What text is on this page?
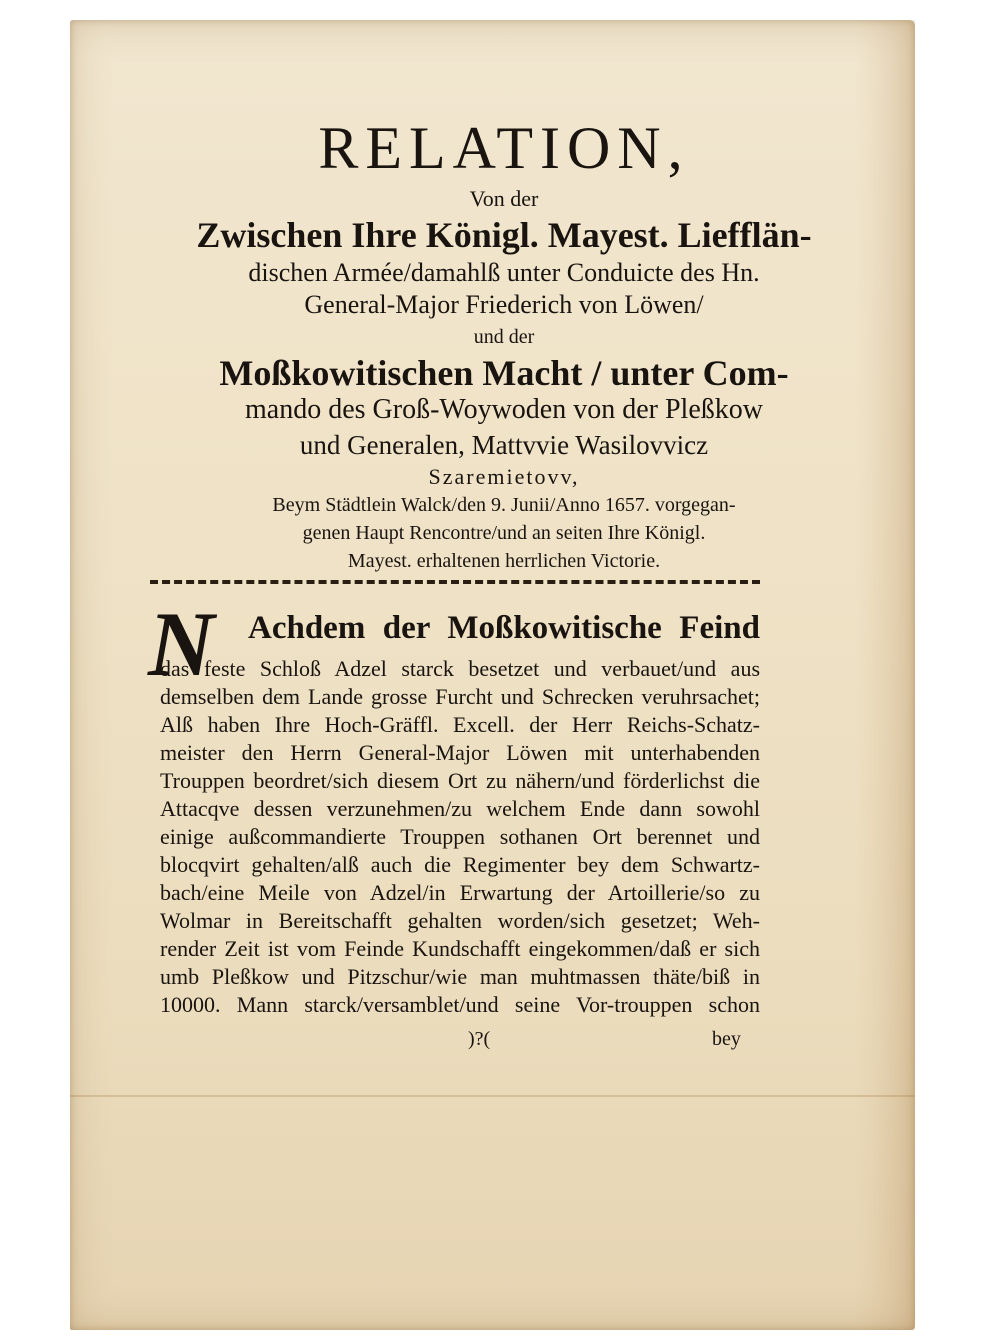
RELATION,
Von der
Zwischen Ihre Königl. Mayest. Liefflän-
dischen Armée/damahlß unter Conduicte des Hn.
General-Major Friederich von Löwen/
und der
Moßkowitischen Macht / unter Com-
mando des Groß-Woywoden von der Pleßkow
und Generalen, Mattvvie Wasilovvicz
Szaremietovv,
Beym Städtlein Walck/den 9. Junii/Anno 1657. vorgegan-
genen Haupt Rencontre/und an seiten Ihre Königl.
Mayest. erhaltenen herrlichen Victorie.
N Achdem der Moßkowitische Feind
das feste Schloß Adzel starck besetzet und verbauet/und aus
demselben dem Lande grosse Furcht und Schrecken veruhrsachet;
Alß haben Ihre Hoch-Gräffl. Excell. der Herr Reichs-Schatz-
meister den Herrn General-Major Löwen mit unterhabenden
Trouppen beordret/sich diesem Ort zu nähern/und förderlichst die
Attacqve dessen verzunehmen/zu welchem Ende dann sowohl
einige außcommandierte Trouppen sothanen Ort berennet und
blocqvirt gehalten/alß auch die Regimenter bey dem Schwartz-
bach/eine Meile von Adzel/in Erwartung der Artoillerie/so zu
Wolmar in Bereitschafft gehalten worden/sich gesetzet; Weh-
render Zeit ist vom Feinde Kundschafft eingekommen/daß er sich
umb Pleßkow und Pitzschur/wie man muhtmassen thäte/biß in
10000. Mann starck/versamblet/und seine Vor-trouppen schon
)?(	bey
